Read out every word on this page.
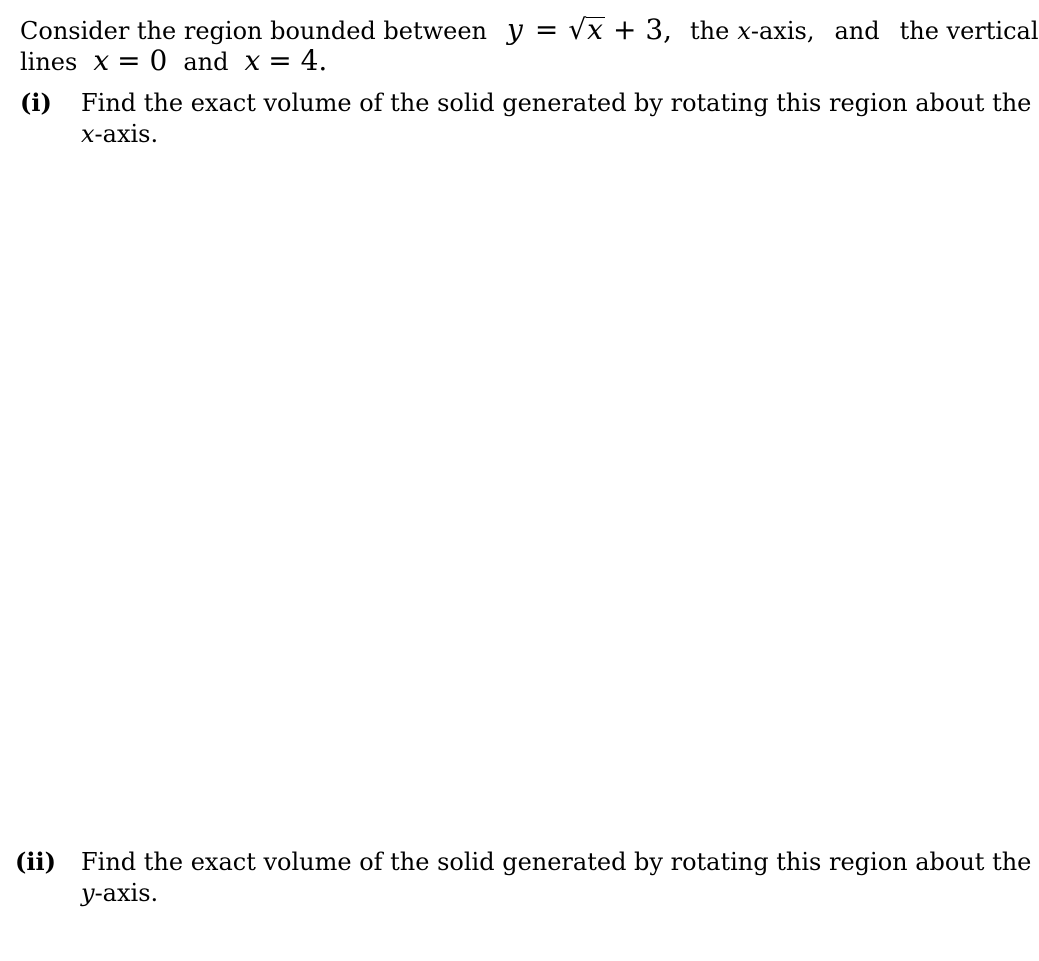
Consider the region bounded between y = √x + 3, the x-axis, and the vertical
lines x = 0 and x = 4.
(i) Find the exact volume of the solid generated by rotating this region about the
x-axis.
(ii) Find the exact volume of the solid generated by rotating this region about the
y-axis.
